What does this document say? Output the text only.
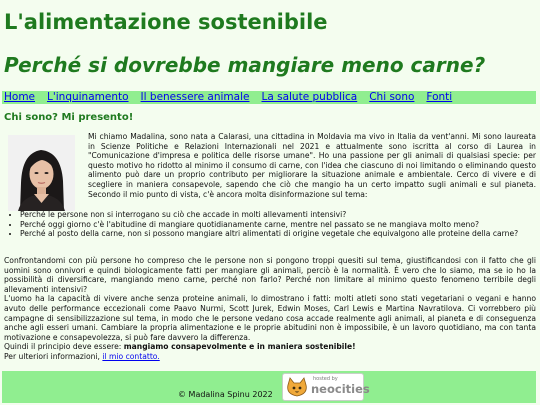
L'alimentazione sostenibile
Perché si dovrebbe mangiare meno carne?
Home L'inquinamento Il benessere animale La salute pubblica Chi sono Fonti
Chi sono? Mi presento!

Mi chiamo Madalina, sono nata a Calarasi, una cittadina in Moldavia ma vivo in Italia da vent'anni. Mi sono laureata in Scienze Politiche e Relazioni Internazionali nel 2021 e attualmente sono iscritta al corso di Laurea in "Comunicazione d'impresa e politica delle risorse umane". Ho una passione per gli animali di qualsiasi specie: per questo motivo ho ridotto al minimo il consumo di carne, con l'idea che ciascuno di noi limitando o eliminando questo alimento può dare un proprio contributo per migliorare la situazione animale e ambientale. Cerco di vivere e di scegliere in maniera consapevole, sapendo che ciò che mangio ha un certo impatto sugli animali e sul pianeta. Secondo il mio punto di vista, c'è ancora molta disinformazione sul tema:

• Perché le persone non si interrogano su ciò che accade in molti allevamenti intensivi?
• Perché oggi giorno c'è l'abitudine di mangiare quotidianamente carne, mentre nel passato se ne mangiava molto meno?
• Perché al posto della carne, non si possono mangiare altri alimentati di origine vegetale che equivalgono alle proteine della carne?

Confrontandomi con più persone ho compreso che le persone non si pongono troppi quesiti sul tema, giustificandosi con il fatto che gli uomini sono onnivori e quindi biologicamente fatti per mangiare gli animali, perciò è la normalità. È vero che lo siamo, ma se io ho la possibilità di diversificare, mangiando meno carne, perché non farlo? Perché non limitare al minimo questo fenomeno terribile degli allevamenti intensivi?

L'uomo ha la capacità di vivere anche senza proteine animali, lo dimostrano i fatti: molti atleti sono stati vegetariani o vegani e hanno avuto delle performance eccezionali come Paavo Nurmi, Scott Jurek, Edwin Moses, Carl Lewis e Martina Navratilova. Ci vorrebbero più campagne di sensibilizzazione sul tema, in modo che le persone vedano cosa accade realmente agli animali, al pianeta e di conseguenza anche agli esseri umani. Cambiare la propria alimentazione e le proprie abitudini non è impossibile, è un lavoro quotidiano, ma con tanta motivazione e consapevolezza, si può fare davvero la differenza.

Quindi il principio deve essere: mangiamo consapevolmente e in maniera sostenibile!

Per ulteriori informazioni, il mio contatto.

© Madalina Spinu 2022
hosted by
neocities
